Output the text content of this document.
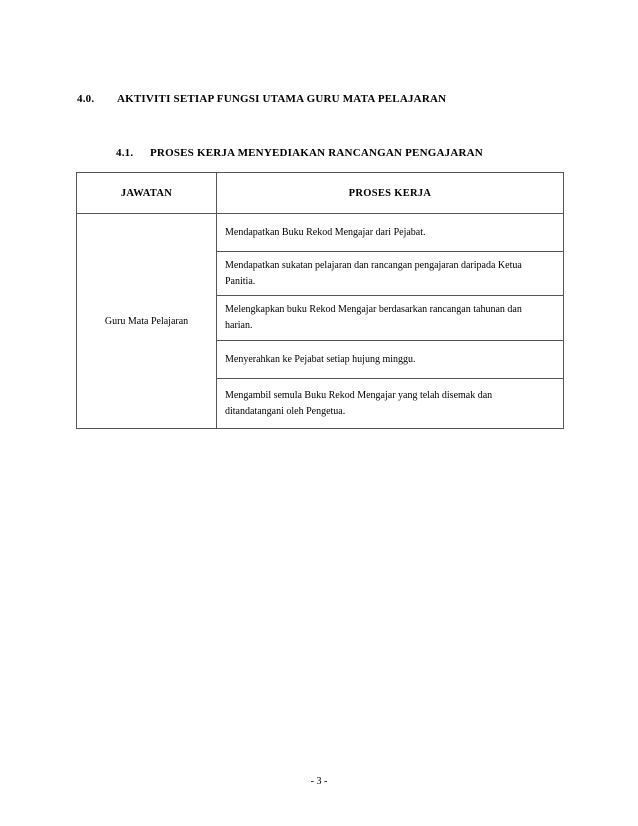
4.0. AKTIVITI SETIAP FUNGSI UTAMA GURU MATA PELAJARAN
4.1. PROSES KERJA MENYEDIAKAN RANCANGAN PENGAJARAN
JAWATAN	PROSES KERJA
Guru Mata Pelajaran	Mendapatkan Buku Rekod Mengajar dari Pejabat.
	Mendapatkan sukatan pelajaran dan rancangan pengajaran daripada Ketua Panitia.
	Melengkapkan buku Rekod Mengajar berdasarkan rancangan tahunan dan harian.
	Menyerahkan ke Pejabat setiap hujung minggu.
	Mengambil semula Buku Rekod Mengajar yang telah disemak dan ditandatangani oleh Pengetua.
- 3 -
